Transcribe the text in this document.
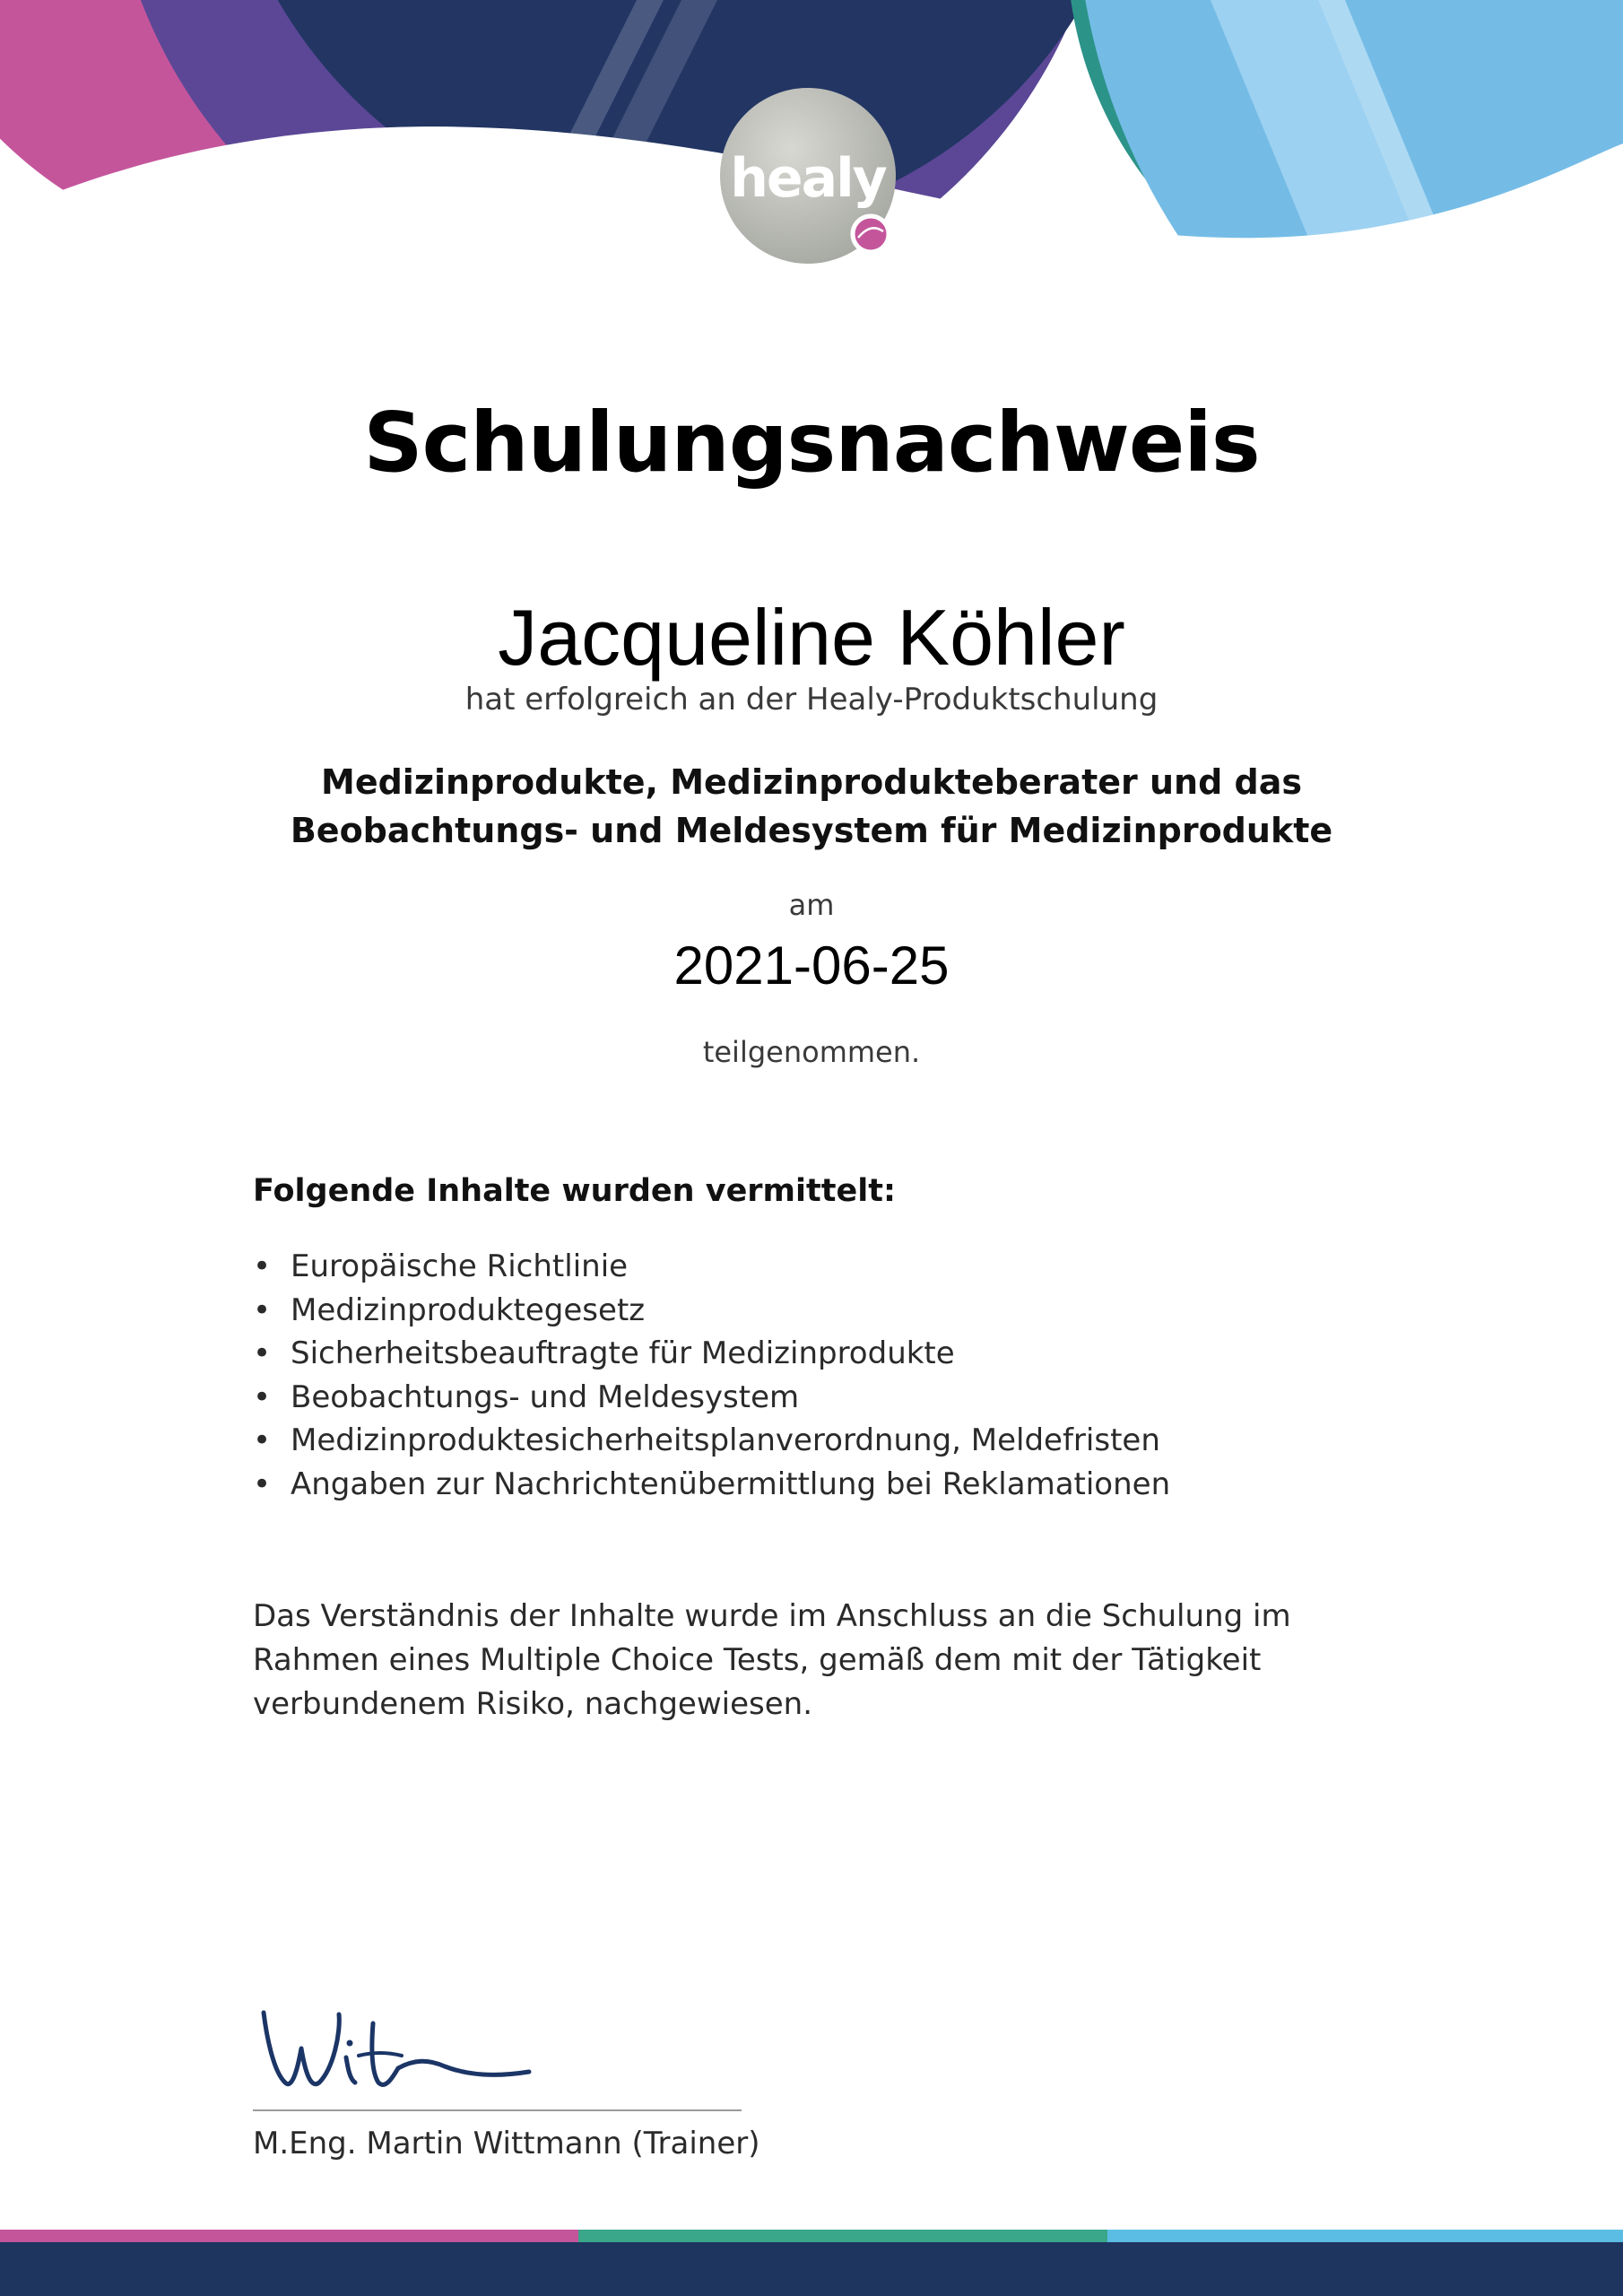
healy
Schulungsnachweis
Jacqueline Köhler
hat erfolgreich an der Healy-Produktschulung
Medizinprodukte, Medizinprodukteberater und das
Beobachtungs- und Meldesystem für Medizinprodukte
am
2021-06-25
teilgenommen.
Folgende Inhalte wurden vermittelt:
• Europäische Richtlinie
• Medizinproduktegesetz
• Sicherheitsbeauftragte für Medizinprodukte
• Beobachtungs- und Meldesystem
• Medizinproduktesicherheitsplanverordnung, Meldefristen
• Angaben zur Nachrichtenübermittlung bei Reklamationen
Das Verständnis der Inhalte wurde im Anschluss an die Schulung im
Rahmen eines Multiple Choice Tests, gemäß dem mit der Tätigkeit
verbundenem Risiko, nachgewiesen.
M.Eng. Martin Wittmann (Trainer)
